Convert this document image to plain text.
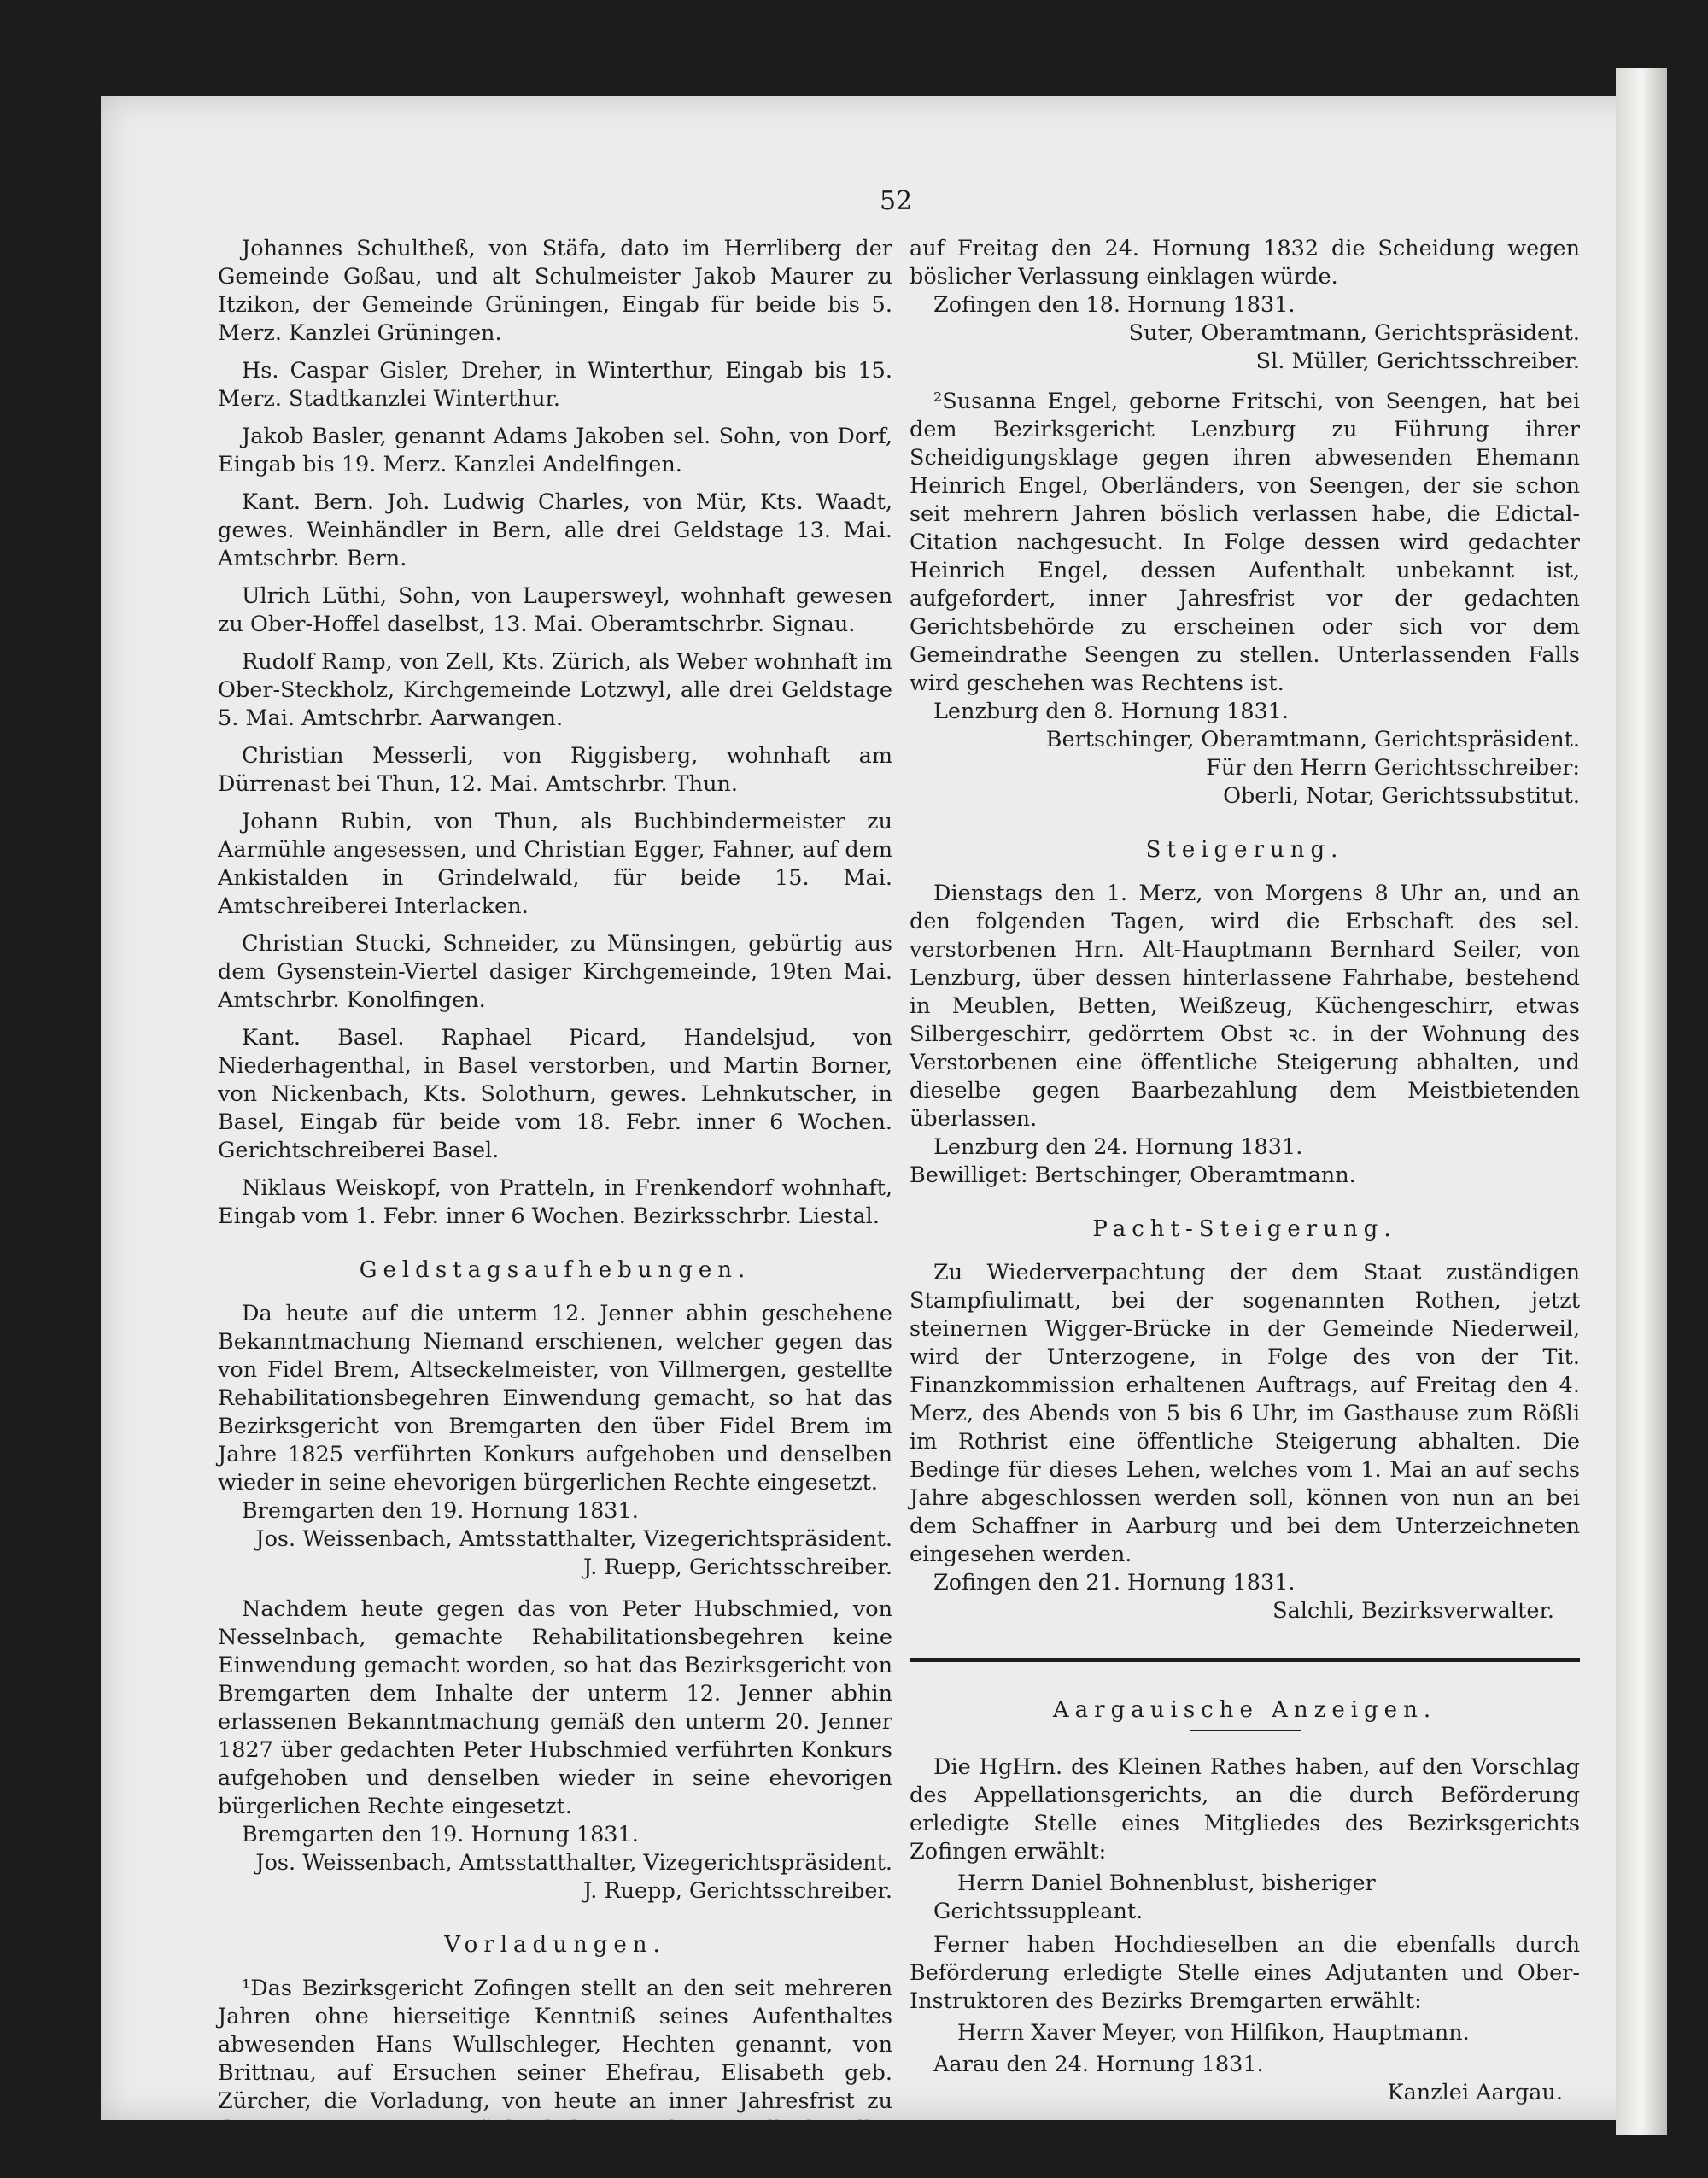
52

Johannes Schultheß, von Stäfa, dato im Herrliberg der Gemeinde Goßau, und alt Schulmeister Jakob Maurer zu Itzikon, der Gemeinde Grüningen, Eingab für beide bis 5. Merz. Kanzlei Grüningen.

Hs. Caspar Gisler, Dreher, in Winterthur, Eingab bis 15. Merz. Stadtkanzlei Winterthur.

Jakob Basler, genannt Adams Jakoben sel. Sohn, von Dorf, Eingab bis 19. Merz. Kanzlei Andelfingen.

Kant. Bern. Joh. Ludwig Charles, von Mür, Kts. Waadt, gewes. Weinhändler in Bern, alle drei Geldstage 13. Mai. Amtschrbr. Bern.

Ulrich Lüthi, Sohn, von Laupersweyl, wohnhaft gewesen zu Ober-Hoffel daselbst, 13. Mai. Oberamtschrbr. Signau.

Rudolf Ramp, von Zell, Kts. Zürich, als Weber wohnhaft im Ober-Steckholz, Kirchgemeinde Lotzwyl, alle drei Geldstage 5. Mai. Amtschrbr. Aarwangen.

Christian Messerli, von Riggisberg, wohnhaft am Dürrenast bei Thun, 12. Mai. Amtschrbr. Thun.

Johann Rubin, von Thun, als Buchbindermeister zu Aarmühle angesessen, und Christian Egger, Fahner, auf dem Ankistalden in Grindelwald, für beide 15. Mai. Amtschreiberei Interlacken.

Christian Stucki, Schneider, zu Münsingen, gebürtig aus dem Gysenstein-Viertel dasiger Kirchgemeinde, 19ten Mai. Amtschrbr. Konolfingen.

Kant. Basel. Raphael Picard, Handelsjud, von Niederhagenthal, in Basel verstorben, und Martin Borner, von Nickenbach, Kts. Solothurn, gewes. Lehnkutscher, in Basel, Eingab für beide vom 18. Febr. inner 6 Wochen. Gerichtschreiberei Basel.

Niklaus Weiskopf, von Pratteln, in Frenkendorf wohnhaft, Eingab vom 1. Febr. inner 6 Wochen. Bezirksschrbr. Liestal.

Geldstagsaufhebungen.

Da heute auf die unterm 12. Jenner abhin geschehene Bekanntmachung Niemand erschienen, welcher gegen das von Fidel Brem, Altseckelmeister, von Villmergen, gestellte Rehabilitationsbegehren Einwendung gemacht, so hat das Bezirksgericht von Bremgarten den über Fidel Brem im Jahre 1825 verführten Konkurs aufgehoben und denselben wieder in seine ehevorigen bürgerlichen Rechte eingesetzt.

Bremgarten den 19. Hornung 1831.

Jos. Weissenbach, Amtsstatthalter, Vizegerichtspräsident.

J. Ruepp, Gerichtsschreiber.

Nachdem heute gegen das von Peter Hubschmied, von Nesselnbach, gemachte Rehabilitationsbegehren keine Einwendung gemacht worden, so hat das Bezirksgericht von Bremgarten dem Inhalte der unterm 12. Jenner abhin erlassenen Bekanntmachung gemäß den unterm 20. Jenner 1827 über gedachten Peter Hubschmied verführten Konkurs aufgehoben und denselben wieder in seine ehevorigen bürgerlichen Rechte eingesetzt.

Bremgarten den 19. Hornung 1831.

Jos. Weissenbach, Amtsstatthalter, Vizegerichtspräsident.

J. Ruepp, Gerichtsschreiber.

Vorladungen.

¹Das Bezirksgericht Zofingen stellt an den seit mehreren Jahren ohne hierseitige Kenntniß seines Aufenthaltes abwesenden Hans Wullschleger, Hechten genannt, von Brittnau, auf Ersuchen seiner Ehefrau, Elisabeth geb. Zürcher, die Vorladung, von heute an inner Jahresfrist zu dieser seiner Gattin zurückzukehren, widrigen Falls dieselbe

auf Freitag den 24. Hornung 1832 die Scheidung wegen böslicher Verlassung einklagen würde.

Zofingen den 18. Hornung 1831.

Suter, Oberamtmann, Gerichtspräsident.

Sl. Müller, Gerichtsschreiber.

²Susanna Engel, geborne Fritschi, von Seengen, hat bei dem Bezirksgericht Lenzburg zu Führung ihrer Scheidigungsklage gegen ihren abwesenden Ehemann Heinrich Engel, Oberländers, von Seengen, der sie schon seit mehrern Jahren böslich verlassen habe, die Edictal-Citation nachgesucht. In Folge dessen wird gedachter Heinrich Engel, dessen Aufenthalt unbekannt ist, aufgefordert, inner Jahresfrist vor der gedachten Gerichtsbehörde zu erscheinen oder sich vor dem Gemeindrathe Seengen zu stellen. Unterlassenden Falls wird geschehen was Rechtens ist.

Lenzburg den 8. Hornung 1831.

Bertschinger, Oberamtmann, Gerichtspräsident.

Für den Herrn Gerichtsschreiber:

Oberli, Notar, Gerichtssubstitut.

Steigerung.

Dienstags den 1. Merz, von Morgens 8 Uhr an, und an den folgenden Tagen, wird die Erbschaft des sel. verstorbenen Hrn. Alt-Hauptmann Bernhard Seiler, von Lenzburg, über dessen hinterlassene Fahrhabe, bestehend in Meublen, Betten, Weißzeug, Küchengeschirr, etwas Silbergeschirr, gedörrtem Obst ꝛc. in der Wohnung des Verstorbenen eine öffentliche Steigerung abhalten, und dieselbe gegen Baarbezahlung dem Meistbietenden überlassen.

Lenzburg den 24. Hornung 1831.

Bewilliget: Bertschinger, Oberamtmann.

Pacht-Steigerung.

Zu Wiederverpachtung der dem Staat zuständigen Stampfiulimatt, bei der sogenannten Rothen, jetzt steinernen Wigger-Brücke in der Gemeinde Niederweil, wird der Unterzogene, in Folge des von der Tit. Finanzkommission erhaltenen Auftrags, auf Freitag den 4. Merz, des Abends von 5 bis 6 Uhr, im Gasthause zum Rößli im Rothrist eine öffentliche Steigerung abhalten. Die Bedinge für dieses Lehen, welches vom 1. Mai an auf sechs Jahre abgeschlossen werden soll, können von nun an bei dem Schaffner in Aarburg und bei dem Unterzeichneten eingesehen werden.

Zofingen den 21. Hornung 1831.

Salchli, Bezirksverwalter.

Aargauische Anzeigen.

Die HgHrn. des Kleinen Rathes haben, auf den Vorschlag des Appellationsgerichts, an die durch Beförderung erledigte Stelle eines Mitgliedes des Bezirksgerichts Zofingen erwählt:

Herrn Daniel Bohnenblust, bisheriger Gerichtssuppleant.

Ferner haben Hochdieselben an die ebenfalls durch Beförderung erledigte Stelle eines Adjutanten und Ober-Instruktoren des Bezirks Bremgarten erwählt:

Herrn Xaver Meyer, von Hilfikon, Hauptmann.

Aarau den 24. Hornung 1831.

Kanzlei Aargau.
